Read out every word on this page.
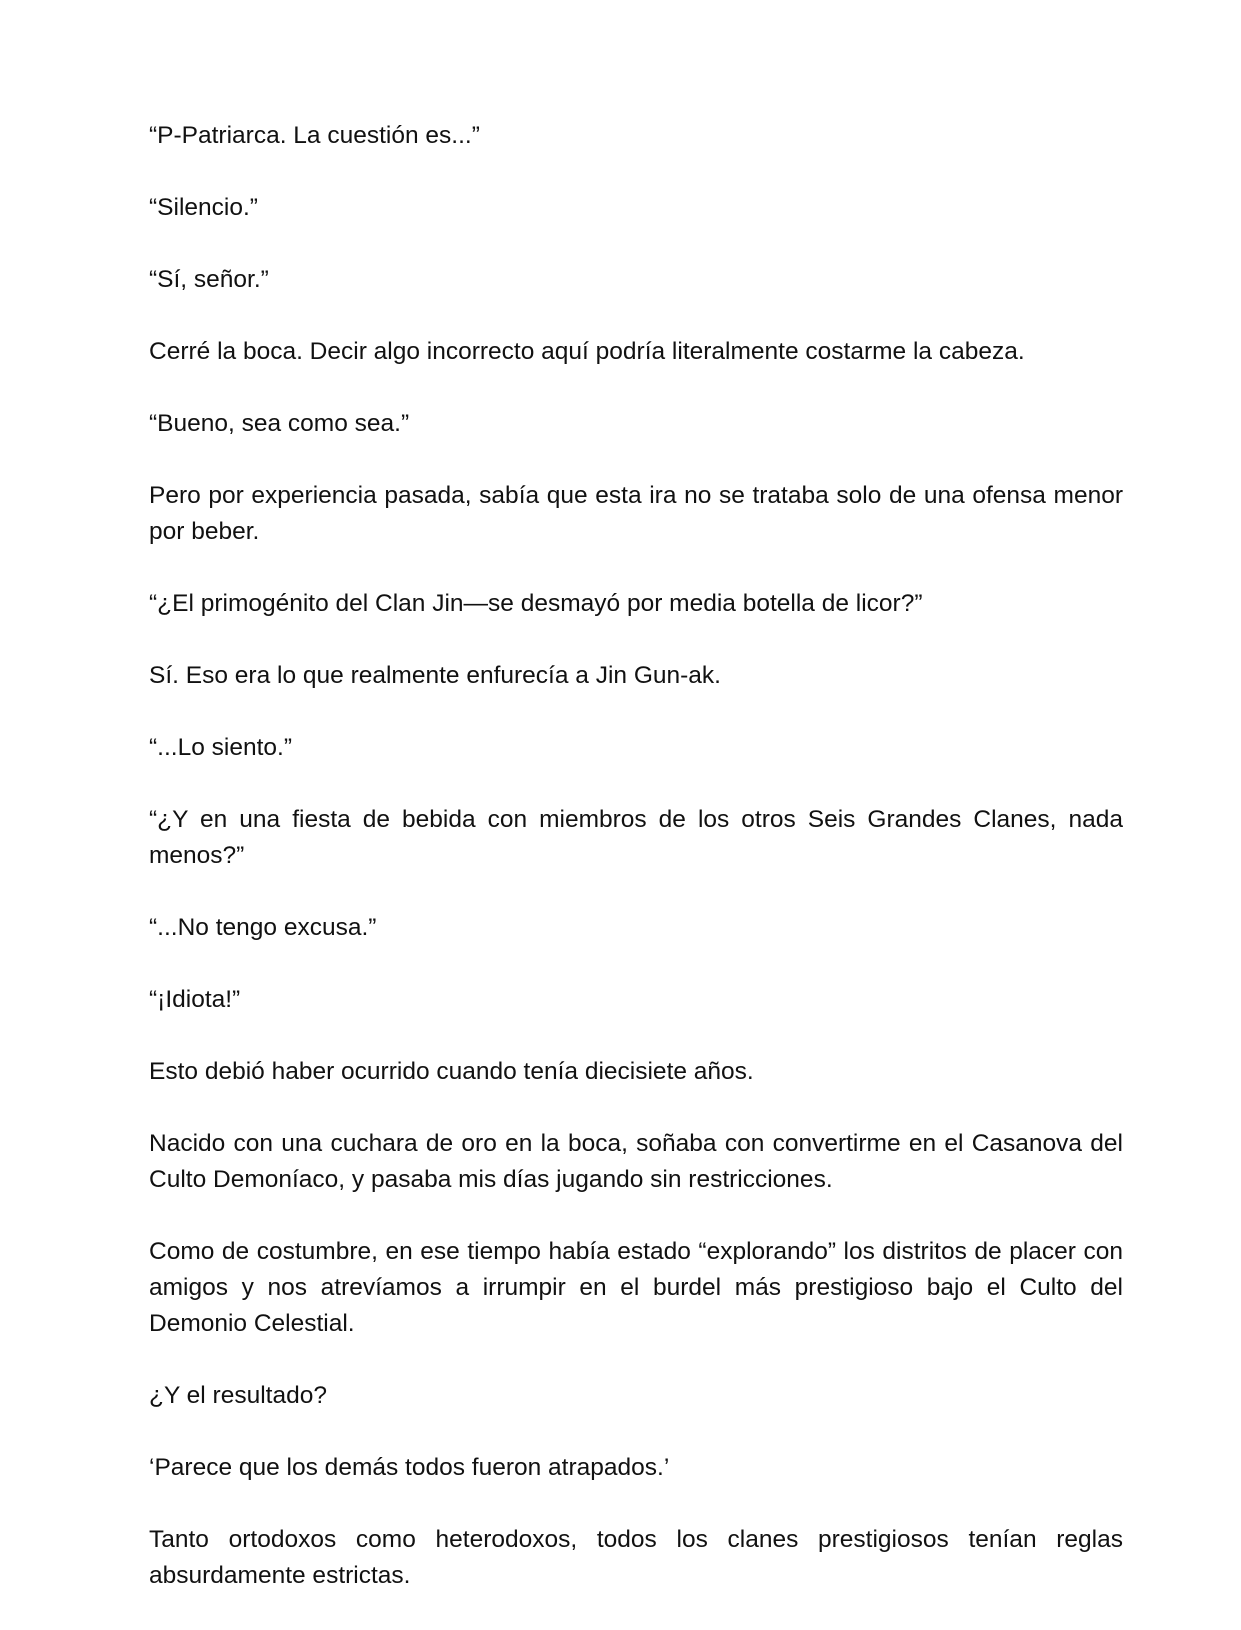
“P-Patriarca. La cuestión es...”

“Silencio.”

“Sí, señor.”

Cerré la boca. Decir algo incorrecto aquí podría literalmente costarme la cabeza.

“Bueno, sea como sea.”

Pero por experiencia pasada, sabía que esta ira no se trataba solo de una ofensa menor por beber.

“¿El primogénito del Clan Jin—se desmayó por media botella de licor?”

Sí. Eso era lo que realmente enfurecía a Jin Gun-ak.

“...Lo siento.”

“¿Y en una fiesta de bebida con miembros de los otros Seis Grandes Clanes, nada menos?”

“...No tengo excusa.”

“¡Idiota!”

Esto debió haber ocurrido cuando tenía diecisiete años.

Nacido con una cuchara de oro en la boca, soñaba con convertirme en el Casanova del Culto Demoníaco, y pasaba mis días jugando sin restricciones.

Como de costumbre, en ese tiempo había estado “explorando” los distritos de placer con amigos y nos atrevíamos a irrumpir en el burdel más prestigioso bajo el Culto del Demonio Celestial.

¿Y el resultado?

‘Parece que los demás todos fueron atrapados.’

Tanto ortodoxos como heterodoxos, todos los clanes prestigiosos tenían reglas absurdamente estrictas.
